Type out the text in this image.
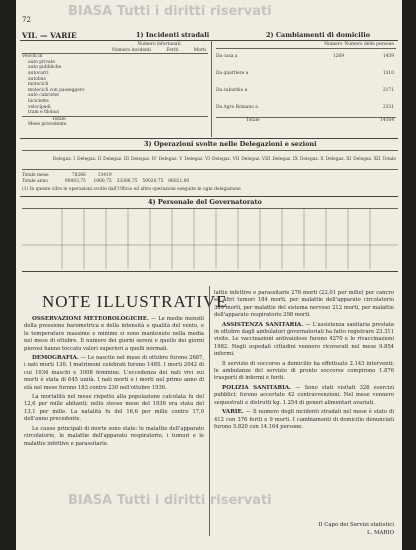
BIASA Tutti i diritti riservati
72
VII. — VARIE	1) Incidenti stradali
Numero infortunati
Numero incidenti	Feriti	Morti
Veicoli in
auto private
auto pubbliche
autocarri
autobus
motocicli
motocicli con passeggero
auto cabriolet
biciclette
velocipedi
tram e filobus
Totale
Mese precedente
2) Cambiamenti di domicilio
Numero Numero delle persone
Da casa a	1269	1439
Da quartiere a	1310
Da suburbio a	2171
Da Agro Romano a	2331
Totale	14164
3) Operazioni svolte nelle Delegazioni e sezioni
Delegaz. I Delegaz. II Delegaz. III Delegaz. IV Delegaz. V Delegaz. VI Delegaz. VII Delegaz. VIII Delegaz. IX Delegaz. X Delegaz. XI Delegaz. XII Totale
Totale mese	78266	13419
Totale anno	90083,75	1960,75	33366,75	50020,75	86021,00
(1) In queste cifre le operazioni svolte dall'Ufficio ed altre operazioni eseguite in ogni delegazione
4) Personale del Governatorato
NOTE ILLUSTRATIVE

OSSERVAZIONI METEOROLOGICHE. — Le medie mensili della pressione barometrica e della intensità e qualità del vento, e le temperature massime e minime si sono mantenute nella media nel mese di ottobre. Il numero dei giorni sereni e quello dei giorni piovosi hanno toccato valori superiori a quelli normali.

DEMOGRAFIA. — Le nascite nel mese di ottobre furono 2687, i nati morti 130. I matrimoni celebrati furono 1485. I morti 2042 di cui 1034 maschi e 1008 femmine. L'eccedenza dei nati vivi sui morti è stata di 645 unità. I nati morti e i morti nel primo anno di età nel mese furono 183 contro 230 nell'ottobre 1936.

La mortalità nel mese rispetto alla popolazione calcolata fu del 12,6 per mille abitanti; nello stesso mese del 1936 era stata del 13,1 per mille. La natalità fu del 16,6 per mille contro 17,0 dell'anno precedente.

Le cause principali di morte sono state: le malattie dell'apparato circolatorio, le malattie dell'apparato respiratorio, i tumori e le malattie infettive e parassitarie.

lattie infettive e parassitarie 276 morti (22,01 per mille) per cancro ed altri tumori 184 morti, per malattie dell'apparato circolatorio 389 morti, per malattie del sistema nervoso 212 morti, per malattie dell'apparato respiratorio 298 morti.

ASSISTENZA SANITARIA. — L'assistenza sanitaria prestata in ottobre dagli ambulatori governatoriali ha fatto registrare 23.311 visite. Le vaccinazioni antivaiolose furono 4270 e le rivaccinazioni 1982. Negli ospedali cittadini vennero ricoverati nel mese 9.854 infermi.

Il servizio di soccorso a domicilio ha effettuato 2.143 interventi; le ambulanze del servizio di pronto soccorso compirono 1.876 trasporti di infermi e feriti.

POLIZIA SANITARIA. — Sono stati visitati 326 esercizi pubblici; furono accertate 42 contravvenzioni. Nel mese vennero sequestrati e distrutti kg. 1.254 di generi alimentari avariati.

VARIE. — Il numero degli incidenti stradali nel mese è stato di 412 con 376 feriti e 9 morti. I cambiamenti di domicilio denunciati furono 5.820 con 14.164 persone.

Il Capo dei Servizi statistici
L. MARIO
BIASA Tutti i diritti riservati
